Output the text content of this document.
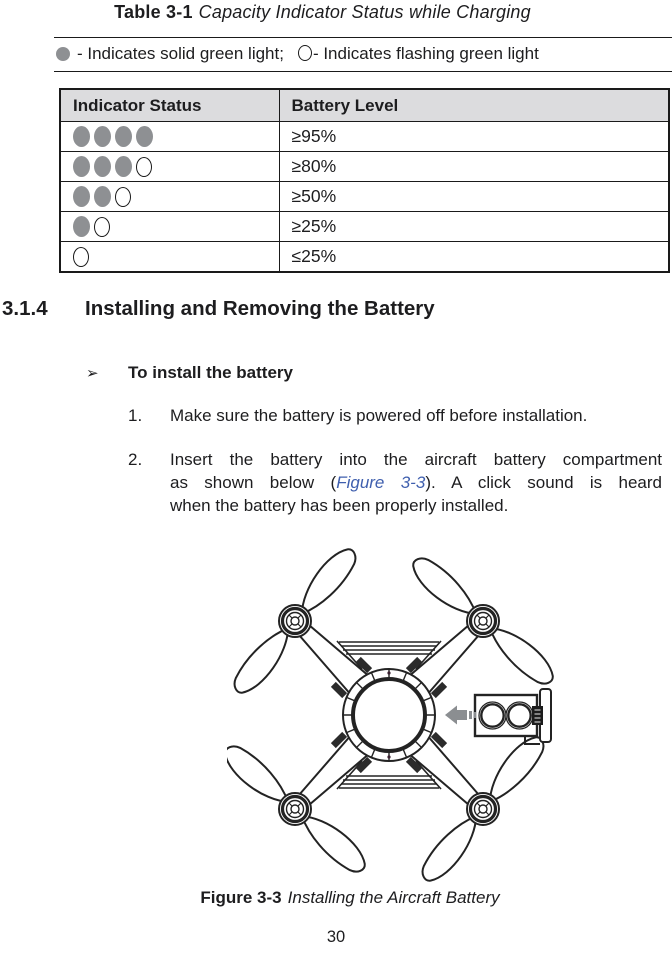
Table 3-1 Capacity Indicator Status while Charging
- Indicates solid green light; - Indicates flashing green light
Indicator Status	Battery Level
	≥95%
	≥80%
	≥50%
	≥25%
	≤25%
3.1.4 Installing and Removing the Battery
➢ To install the battery
1. Make sure the battery is powered off before installation.
2. Insert the battery into the aircraft battery compartment
as shown below (Figure 3-3). A click sound is heard
when the battery has been properly installed.
Figure 3-3 Installing the Aircraft Battery
30
